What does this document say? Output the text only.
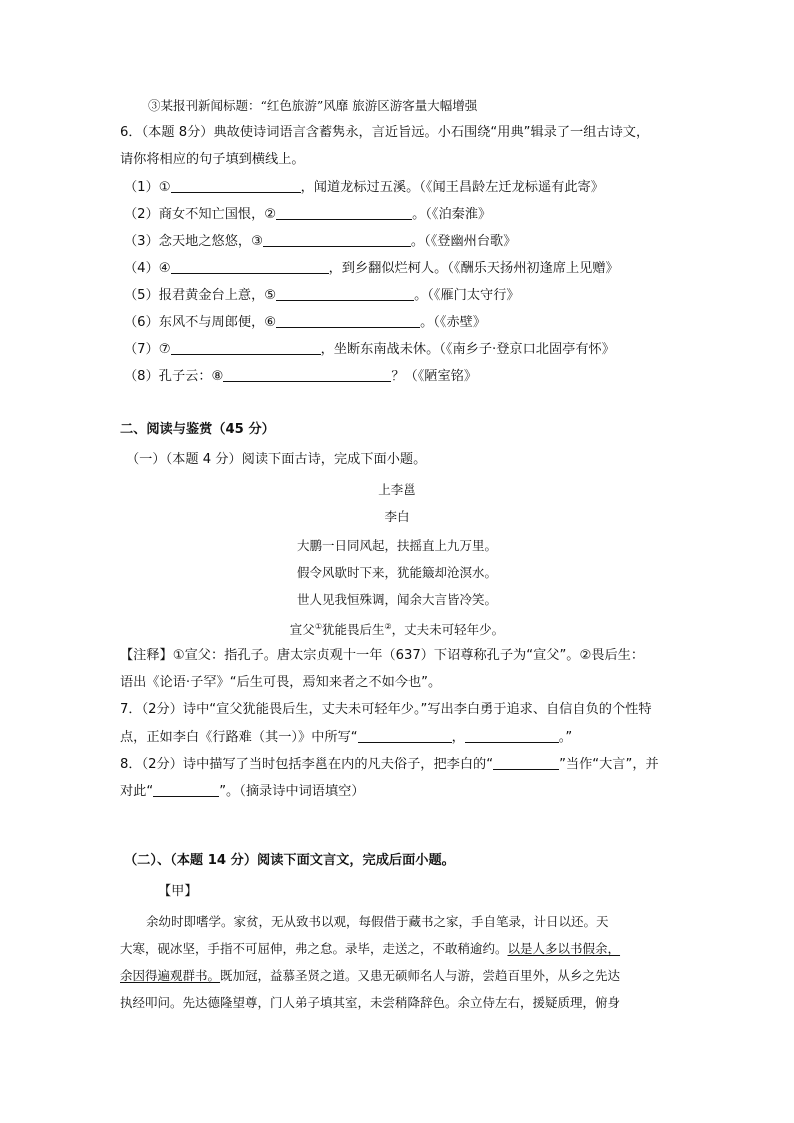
③某报刊新闻标题：“红色旅游”风靡 旅游区游客量大幅增强
6．（本题 8分）典故使诗词语言含蓄隽永，言近旨远。小石围绕“用典”辑录了一组古诗文，
请你将相应的句子填到横线上。
（1）①	，闻道龙标过五溪。（《闻王昌龄左迁龙标遥有此寄》
（2）商女不知亡国恨，②	。（《泊秦淮》
（3）念天地之悠悠，③	。（《登幽州台歌》
（4）④	，到乡翻似烂柯人。（《酬乐天扬州初逢席上见赠》
（5）报君黄金台上意，⑤	。（《雁门太守行》
（6）东风不与周郎便，⑥	。（《赤壁》
（7）⑦	，坐断东南战未休。（《南乡子·登京口北固亭有怀》
（8）孔子云：⑧	？（《陋室铭》
二、阅读与鉴赏（45 分）
（一）（本题 4 分）阅读下面古诗，完成下面小题。
上李邕
李白
大鹏一日同风起，扶摇直上九万里。
假令风歇时下来，犹能簸却沧溟水。
世人见我恒殊调，闻余大言皆冷笑。
宣父①犹能畏后生②，丈夫未可轻年少。
【注释】①宣父：指孔子。唐太宗贞观十一年（637）下诏尊称孔子为“宣父”。②畏后生：
语出《论语·子罕》“后生可畏，焉知来者之不如今也”。
7．（2分）诗中“宣父犹能畏后生，丈夫未可轻年少。”写出李白勇于追求、自信自负的个性特
点，正如李白《行路难（其一）》中所写“	，	。”
8．（2分）诗中描写了当时包括李邕在内的凡夫俗子，把李白的“	”当作“大言”，并
对此“	”。（摘录诗中词语填空）
（二）、（本题 14 分）阅读下面文言文，完成后面小题。
【甲】
余幼时即嗜学。家贫，无从致书以观，每假借于藏书之家，手自笔录，计日以还。天
大寒，砚冰坚，手指不可屈伸，弗之怠。录毕，走送之，不敢稍逾约。以是人多以书假余，
余因得遍观群书。既加冠，益慕圣贤之道。又患无硕师名人与游，尝趋百里外，从乡之先达
执经叩问。先达德隆望尊，门人弟子填其室，未尝稍降辞色。余立侍左右，援疑质理，俯身
